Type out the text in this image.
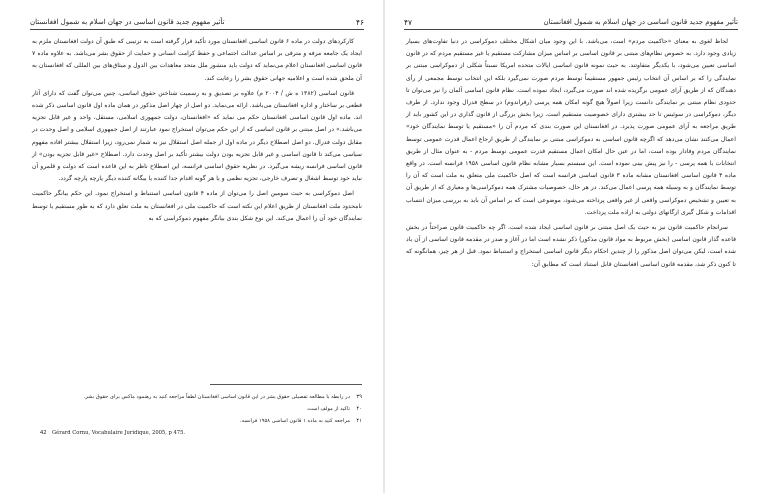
۴۶
تأثیر مفهوم جدید قانون اساسی در جهان اسلام به شمول افغانستان

کارکردهای دولت در ماده ۶ قانون اساسی افغانستان مورد تأکید قرار گرفته است به ترتیبی که طبق آن دولت افغانستان ملزم به ایجاد یک جامعه مرفه و مترقی بر اساس عدالت اجتماعی و حفظ کرامت انسانی و حمایت از حقوق بشر می‌باشد. به علاوه ماده ۷ قانون اساسی افغانستان اعلام می‌نماید که دولت باید منشور ملل متحد معاهدات بین الدول و میثاق‌های بین المللی که افغانستان به آن ملحق شده است و اعلامیه جهانی حقوق بشر را رعایت کند.

قانون اساسی (۱۳۸۲ ه ش / ۲۰۰۴ م) علاوه بر تصدیق و به رسمیت شناختن حقوق اساسی، چنین می‌توان گفت که دارای آثار قطعی بر ساختار و اداره افغانستان می‌باشد. ارائه می‌نماید. دو اصل از چهار اصل مذکور در همان ماده اول قانون اساسی ذکر شده اند. ماده اول قانون اساسی افغانستان حکم می نماید که «افغانستان، دولت جمهوری اسلامی، مستقل، واحد و غیر قابل تجزیه می‌باشد.» در اصل مبتنی بر قانون اساسی که از این حکم می‌توان استخراج نمود عبارتند از اصل جمهوری اسلامی و اصل وحدت در مقابل دولت فدرال. دو اصل اصطلاح دیگر در ماده اول از جمله اصل استقلال نیز به شمار نمی‌رود، زیرا استقلال بیشتر افاده مفهوم سیاسی می‌کند تا قانون اساسی و غیر قابل تجزیه بودن دولت بیشتر تأکید بر اصل وحدت دارد. اصطلاح «غیر قابل تجزیه بودن» از قانون اساسی فرانسه ریشه می‌گیرد. در نظریه حقوق اساسی فرانسه، این اصطلاح ناظر به این قاعده است که دولت و قلمرو آن نباید خود توسط اشغال و تصرف خارجی، تجزیه نظمی و یا هر گونه اقدام جدا کننده یا بیگانه کننده دیگر پارچه پارچه گردد.

اصل دموکراسی به حیث سومین اصل را می‌توان از ماده ۴ قانون اساسی استنباط و استخراج نمود. این حکم بیانگر حاکمیت نامحدود ملت افغانستان از طریق اعلام این نکته است که حاکمیت ملی در افغانستان به ملت تعلق دارد که به طور مستقیم یا توسط نمایندگان خود آن را اعمال می‌کند. این نوع شکل بندی بیانگر مفهوم دموکراسی که به

۳۹
در رابطه با مطالعه تفصیلی حقوق بشر در این قانون اساسی افغانستان لطفاً مراجعه کنید به رهنمود ماکس برای حقوق بشر.
۴۰
تاکید از مولف است.
۴۱
مراجعه کنید به ماده ۱ قانون اساسی ۱۹۵۸ فرانسه.
42 Gérard Cornu, Vocabulaire Juridique, 2005, p 475.
تأثیر مفهوم جدید قانون اساسی در جهان اسلام به شمول افغانستان
۴۷

لحاظ لغوی به معنای «حاکمیت مردم» است، می‌باشد. با این وجود میان اشکال مختلف دموکراسی در دنیا تفاوت‌های بسیار زیادی وجود دارد. به خصوص نظام‌های مبتنی بر قانون اساسی بر اساس میزان مشارکت مستقیم یا غیر مستقیم مردم که در قانون اساسی تعیین می‌شود، با یکدیگر متفاوتند. به حیث نمونه قانون اساسی ایالات متحده امریکا نسبتاً شکلی از دموکراسی مبتنی بر نمایندگی را که بر اساس آن انتخاب رئیس جمهور مستقیماً توسط مردم صورت نمی‌گیرد بلکه این انتخاب توسط مجمعی از رأی دهندگان که از طریق آرای عمومی برگزیده شده اند صورت می‌گیرد، ایجاد نموده است. نظام قانون اساسی آلمان را نیز می‌توان تا حدودی نظام مبتنی بر نمایندگی دانست زیرا اصولاً هیچ گونه امکان همه پرسی (رفراندوم) در سطح فدرال وجود ندارد. از طرف دیگر، دموکراسی در سوئیس تا حد بیشتری دارای خصوصیت مستقیم است. زیرا بخش بزرگی از قانون گذاری در این کشور باید از طریق مراجعه به آرای عمومی صورت پذیرد. در افغانستان این صورت بندی که مردم آن را «مستقیم یا توسط نمایندگان خود» اعمال می‌کنند نشان می‌دهد که اگرچه قانون اساسی به دموکراسی مبتنی بر نمایندگی از طریق ارجاع اعمال قدرت عمومی توسط نمایندگان مردم وفادار بوده است، اما در عین حال امکان اعمال مستقیم قدرت عمومی توسط مردم - به عنوان مثال از طریق انتخابات یا همه پرسی - را نیز پیش بینی نموده است. این سیستم بسیار مشابه نظام قانون اساسی ۱۹۵۸ فرانسه است. در واقع ماده ۴ قانون اساسی افغانستان مشابه ماده ۳ قانون اساسی فرانسه است که اصل حاکمیت ملی متعلق به ملت است که آن را توسط نمایندگان و به وسیله همه پرسی اعمال می‌کند. در هر حال، خصوصیات مشترک همه دموکراسی‌ها و معیاری که از طریق آن به تعیین و تشخیص دموکراسی واقعی از غیر واقعی پرداخته می‌شود، موضوعی است که بر اساس آن باید به بررسی میزان انتساب اقدامات و شکل گیری ارگانهای دولتی به اراده ملت پرداخت.

سرانجام حاکمیت قانون نیز به حیث یک اصل مبتنی بر قانون اساسی ایجاد شده است. اگر چه حاکمیت قانون صراحتاً در بخش قاعده گذار قانون اساسی (بخش مربوط به مواد قانون مذکور) ذکر نشده است اما در آغاز و صدر در مقدمه قانون اساسی از آن یاد شده است، لیکن می‌توان اصل مذکور را از چندین احکام دیگر قانون اساسی استخراج و استنباط نمود. قبل از هر چیز، همانگونه که تا کنون ذکر شد، مقدمه قانون اساسی افغانستان قابل استناد است که مطابق آن:
